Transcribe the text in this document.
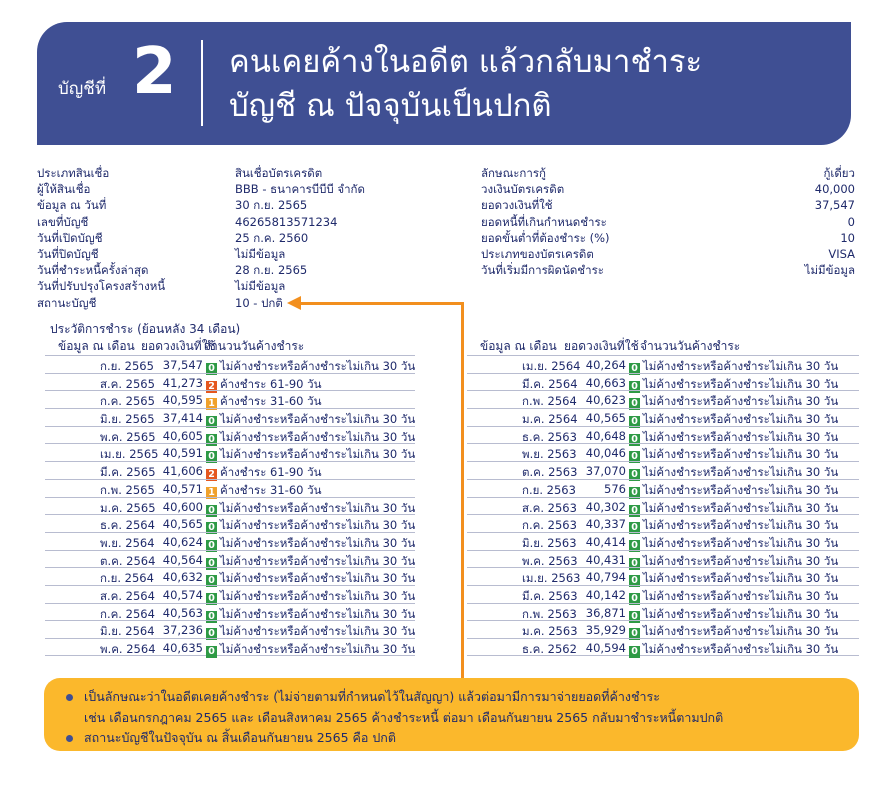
บัญชีที่ 2 คนเคยค้างในอดีต แล้วกลับมาชำระ
บัญชี ณ ปัจจุบันเป็นปกติ
ประเภทสินเชื่อ
ผู้ให้สินเชื่อ
ข้อมูล ณ วันที่
เลขที่บัญชี
วันที่เปิดบัญชี
วันที่ปิดบัญชี
วันที่ชำระหนี้ครั้งล่าสุด
วันที่ปรับปรุงโครงสร้างหนี้
สถานะบัญชี
สินเชื่อบัตรเครดิต
BBB - ธนาคารบีบีบี จำกัด
30 ก.ย. 2565
46265813571234
25 ก.ค. 2560
ไม่มีข้อมูล
28 ก.ย. 2565
ไม่มีข้อมูล
10 - ปกติ
ลักษณะการกู้
วงเงินบัตรเครดิต
ยอดวงเงินที่ใช้
ยอดหนี้ที่เกินกำหนดชำระ
ยอดขั้นต่ำที่ต้องชำระ (%)
ประเภทของบัตรเครดิต
วันที่เริ่มมีการผิดนัดชำระ
กู้เดี่ยว
40,000
37,547
0
10
VISA
ไม่มีข้อมูล
ประวัติการชำระ (ย้อนหลัง 34 เดือน)
ข้อมูล ณ เดือน ยอดวงเงินที่ใช้
จำนวนวันค้างชำระ	ข้อมูล ณ เดือน ยอดวงเงินที่ใช้ จำนวนวันค้างชำระ
ก.ย. 2565 37,547 0 ไม่ค้างชำระหรือค้างชำระไม่เกิน 30 วัน
ส.ค. 2565 41,273 2 ค้างชำระ 61-90 วัน
ก.ค. 2565 40,595 1 ค้างชำระ 31-60 วัน
มิ.ย. 2565 37,414 0 ไม่ค้างชำระหรือค้างชำระไม่เกิน 30 วัน
พ.ค. 2565 40,605 0 ไม่ค้างชำระหรือค้างชำระไม่เกิน 30 วัน
เม.ย. 2565 40,591 0 ไม่ค้างชำระหรือค้างชำระไม่เกิน 30 วัน
มี.ค. 2565 41,606 2 ค้างชำระ 61-90 วัน
ก.พ. 2565 40,571 1 ค้างชำระ 31-60 วัน
ม.ค. 2565 40,600 0 ไม่ค้างชำระหรือค้างชำระไม่เกิน 30 วัน
ธ.ค. 2564 40,565 0 ไม่ค้างชำระหรือค้างชำระไม่เกิน 30 วัน
พ.ย. 2564 40,624 0 ไม่ค้างชำระหรือค้างชำระไม่เกิน 30 วัน
ต.ค. 2564 40,564 0 ไม่ค้างชำระหรือค้างชำระไม่เกิน 30 วัน
ก.ย. 2564 40,632 0 ไม่ค้างชำระหรือค้างชำระไม่เกิน 30 วัน
ส.ค. 2564 40,574 0 ไม่ค้างชำระหรือค้างชำระไม่เกิน 30 วัน
ก.ค. 2564 40,563 0 ไม่ค้างชำระหรือค้างชำระไม่เกิน 30 วัน
มิ.ย. 2564 37,236 0 ไม่ค้างชำระหรือค้างชำระไม่เกิน 30 วัน
พ.ค. 2564 40,635 0 ไม่ค้างชำระหรือค้างชำระไม่เกิน 30 วัน
เม.ย. 2564 40,264 0 ไม่ค้างชำระหรือค้างชำระไม่เกิน 30 วัน
มี.ค. 2564 40,663 0 ไม่ค้างชำระหรือค้างชำระไม่เกิน 30 วัน
ก.พ. 2564 40,623 0 ไม่ค้างชำระหรือค้างชำระไม่เกิน 30 วัน
ม.ค. 2564 40,565 0 ไม่ค้างชำระหรือค้างชำระไม่เกิน 30 วัน
ธ.ค. 2563 40,648 0 ไม่ค้างชำระหรือค้างชำระไม่เกิน 30 วัน
พ.ย. 2563 40,046 0 ไม่ค้างชำระหรือค้างชำระไม่เกิน 30 วัน
ต.ค. 2563 37,070 0 ไม่ค้างชำระหรือค้างชำระไม่เกิน 30 วัน
ก.ย. 2563	576 0 ไม่ค้างชำระหรือค้างชำระไม่เกิน 30 วัน
ส.ค. 2563 40,302 0 ไม่ค้างชำระหรือค้างชำระไม่เกิน 30 วัน
ก.ค. 2563 40,337 0 ไม่ค้างชำระหรือค้างชำระไม่เกิน 30 วัน
มิ.ย. 2563 40,414 0 ไม่ค้างชำระหรือค้างชำระไม่เกิน 30 วัน
พ.ค. 2563 40,431 0 ไม่ค้างชำระหรือค้างชำระไม่เกิน 30 วัน
เม.ย. 2563 40,794 0 ไม่ค้างชำระหรือค้างชำระไม่เกิน 30 วัน
มี.ค. 2563 40,142 0 ไม่ค้างชำระหรือค้างชำระไม่เกิน 30 วัน
ก.พ. 2563 36,871 0 ไม่ค้างชำระหรือค้างชำระไม่เกิน 30 วัน
ม.ค. 2563 35,929 0 ไม่ค้างชำระหรือค้างชำระไม่เกิน 30 วัน
ธ.ค. 2562 40,594 0 ไม่ค้างชำระหรือค้างชำระไม่เกิน 30 วัน
เป็นลักษณะว่าในอดีตเคยค้างชำระ (ไม่จ่ายตามที่กำหนดไว้ในสัญญา) แล้วต่อมามีการมาจ่ายยอดที่ค้างชำระ
เช่น เดือนกรกฎาคม 2565 และ เดือนสิงหาคม 2565 ค้างชำระหนี้ ต่อมา เดือนกันยายน 2565 กลับมาชำระหนี้ตามปกติ
สถานะบัญชีในปัจจุบัน ณ สิ้นเดือนกันยายน 2565 คือ ปกติ
